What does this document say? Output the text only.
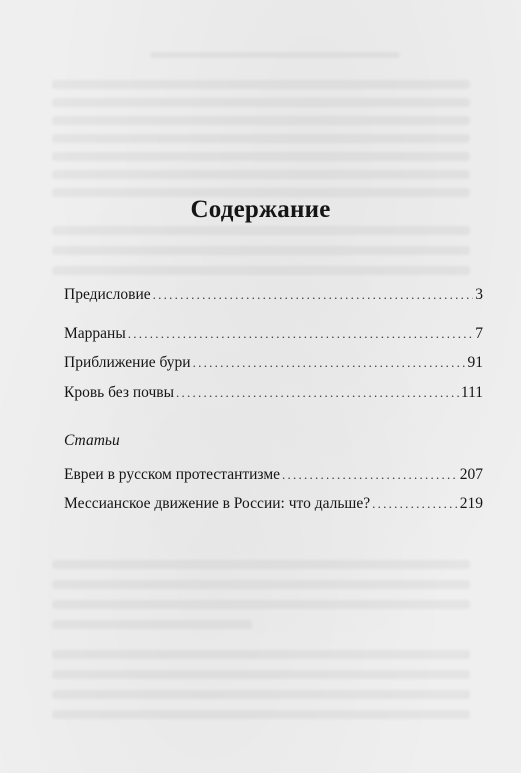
Содержание
Предисловие . . .	3
Марраны . . .	7
Приближение бури . . .	91
Кровь без почвы . . .	111
Статьи
Евреи в русском протестантизме . . .	207
Мессианское движение в России: что дальше? . . .	219
